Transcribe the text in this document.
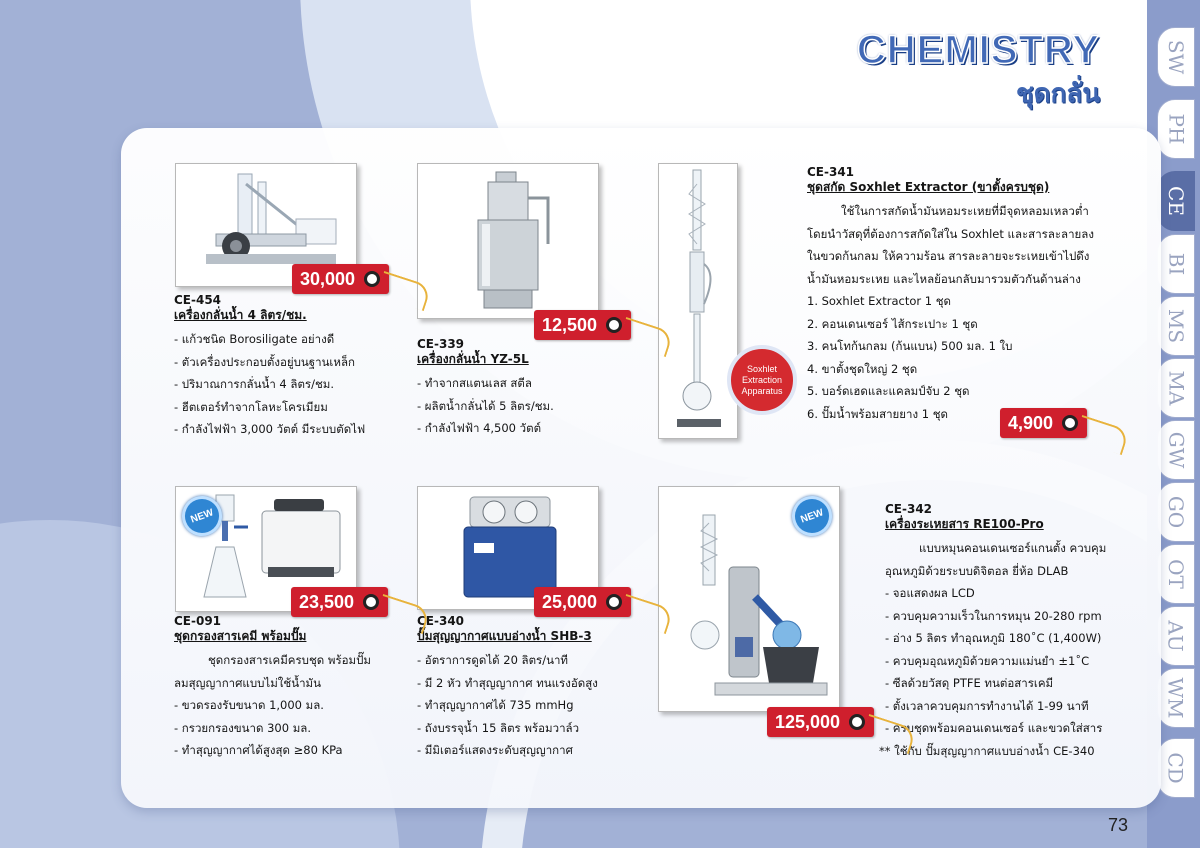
SW
PH
CE
BI
MS
MA
GW
GO
OT
AU
WM
CD
CHEMISTRY
ชุดกลั่น
30,000
CE-454
เครื่องกลั่นน้ำ 4 ลิตร/ชม.
- แก้วชนิด Borosiligate อย่างดี
- ตัวเครื่องประกอบตั้งอยู่บนฐานเหล็ก
- ปริมาณการกลั่นน้ำ 4 ลิตร/ชม.
- ฮีตเตอร์ทำจากโลหะโครเมียม
- กำลังไฟฟ้า 3,000 วัตต์ มีระบบตัดไฟ
12,500
CE-339
เครื่องกลั่นน้ำ YZ-5L
- ทำจากสแตนเลส สตีล
- ผลิตน้ำกลั่นได้ 5 ลิตร/ชม.
- กำลังไฟฟ้า 4,500 วัตต์
Soxhlet
Extraction
Apparatus
CE-341
ชุดสกัด Soxhlet Extractor (ขาตั้งครบชุด)
ใช้ในการสกัดน้ำมันหอมระเหยที่มีจุดหลอมเหลวต่ำ
โดยนำวัสดุที่ต้องการสกัดใส่ใน Soxhlet และสารละลายลง
ในขวดก้นกลม ให้ความร้อน สารละลายจะระเหยเข้าไปดึง
น้ำมันหอมระเหย และไหลย้อนกลับมารวมตัวกันด้านล่าง
1. Soxhlet Extractor 1 ชุด
2. คอนเดนเซอร์ ไส้กระเปาะ 1 ชุด
3. คนโทก้นกลม (ก้นแบน) 500 มล. 1 ใบ
4. ขาตั้งชุดใหญ่ 2 ชุด
5. บอร์ดเฮดและแคลมป์จับ 2 ชุด
6. ปั๊มน้ำพร้อมสายยาง 1 ชุด	4,900
NEW
23,500
CE-091
ชุดกรองสารเคมี พร้อมปั๊ม
ชุดกรองสารเคมีครบชุด พร้อมปั๊ม
ลมสุญญากาศแบบไม่ใช้น้ำมัน
- ขวดรองรับขนาด 1,000 มล.
- กรวยกรองขนาด 300 มล.
- ทำสุญญากาศได้สูงสุด ≥80 KPa
25,000
CE-340
ปั๊มสุญญากาศแบบอ่างน้ำ SHB-3
- อัตราการดูดได้ 20 ลิตร/นาที
- มี 2 หัว ทำสุญญากาศ ทนแรงอัดสูง
- ทำสุญญากาศได้ 735 mmHg
- ถังบรรจุน้ำ 15 ลิตร พร้อมวาล์ว
- มีมิเตอร์แสดงระดับสุญญากาศ
NEW
125,000
CE-342
เครื่องระเหยสาร RE100-Pro
แบบหมุนคอนเดนเซอร์แกนตั้ง ควบคุม
อุณหภูมิด้วยระบบดิจิตอล ยี่ห้อ DLAB
- จอแสดงผล LCD
- ควบคุมความเร็วในการหมุน 20-280 rpm
- อ่าง 5 ลิตร ทำอุณหภูมิ 180˚C (1,400W)
- ควบคุมอุณหภูมิด้วยความแม่นยำ ±1˚C
- ซีลด้วยวัสดุ PTFE ทนต่อสารเคมี
- ตั้งเวลาควบคุมการทำงานได้ 1-99 นาที
- ครบชุดพร้อมคอนเดนเซอร์ และขวดใส่สาร
** ใช้กับ ปั๊มสุญญากาศแบบอ่างน้ำ CE-340
73
